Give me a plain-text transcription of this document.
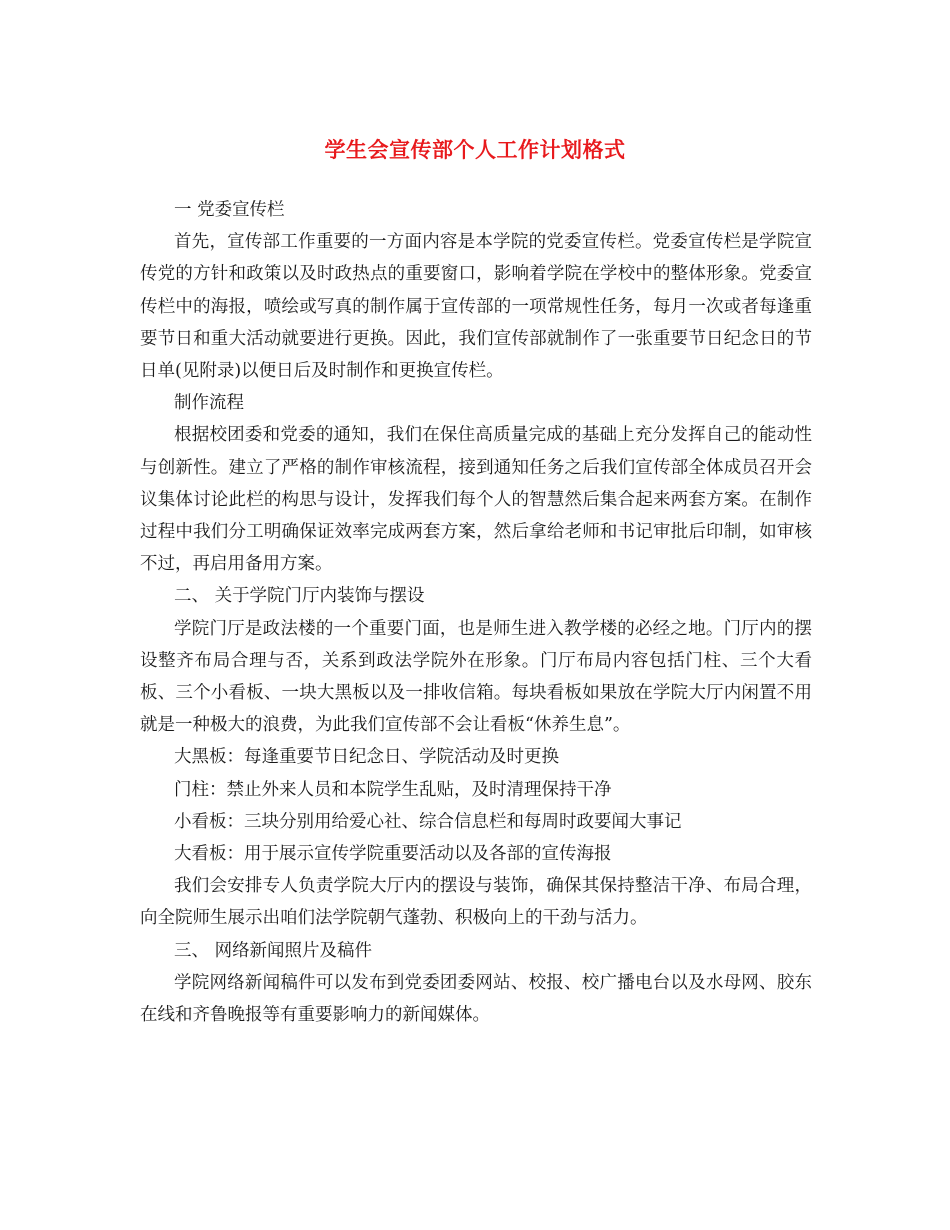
学生会宣传部个人工作计划格式

一 党委宣传栏

首先，宣传部工作重要的一方面内容是本学院的党委宣传栏。党委宣传栏是学院宣传党的方针和政策以及时政热点的重要窗口，影响着学院在学校中的整体形象。党委宣传栏中的海报，喷绘或写真的制作属于宣传部的一项常规性任务，每月一次或者每逢重要节日和重大活动就要进行更换。因此，我们宣传部就制作了一张重要节日纪念日的节日单(见附录)以便日后及时制作和更换宣传栏。

制作流程

根据校团委和党委的通知，我们在保住高质量完成的基础上充分发挥自己的能动性与创新性。建立了严格的制作审核流程，接到通知任务之后我们宣传部全体成员召开会议集体讨论此栏的构思与设计，发挥我们每个人的智慧然后集合起来两套方案。在制作过程中我们分工明确保证效率完成两套方案，然后拿给老师和书记审批后印制，如审核不过，再启用备用方案。

二、 关于学院门厅内装饰与摆设

学院门厅是政法楼的一个重要门面，也是师生进入教学楼的必经之地。门厅内的摆设整齐布局合理与否，关系到政法学院外在形象。门厅布局内容包括门柱、三个大看板、三个小看板、一块大黑板以及一排收信箱。每块看板如果放在学院大厅内闲置不用就是一种极大的浪费，为此我们宣传部不会让看板“休养生息”。

大黑板：每逢重要节日纪念日、学院活动及时更换

门柱：禁止外来人员和本院学生乱贴，及时清理保持干净

小看板：三块分别用给爱心社、综合信息栏和每周时政要闻大事记

大看板：用于展示宣传学院重要活动以及各部的宣传海报

我们会安排专人负责学院大厅内的摆设与装饰，确保其保持整洁干净、布局合理，向全院师生展示出咱们法学院朝气蓬勃、积极向上的干劲与活力。

三、 网络新闻照片及稿件

学院网络新闻稿件可以发布到党委团委网站、校报、校广播电台以及水母网、胶东在线和齐鲁晚报等有重要影响力的新闻媒体。
